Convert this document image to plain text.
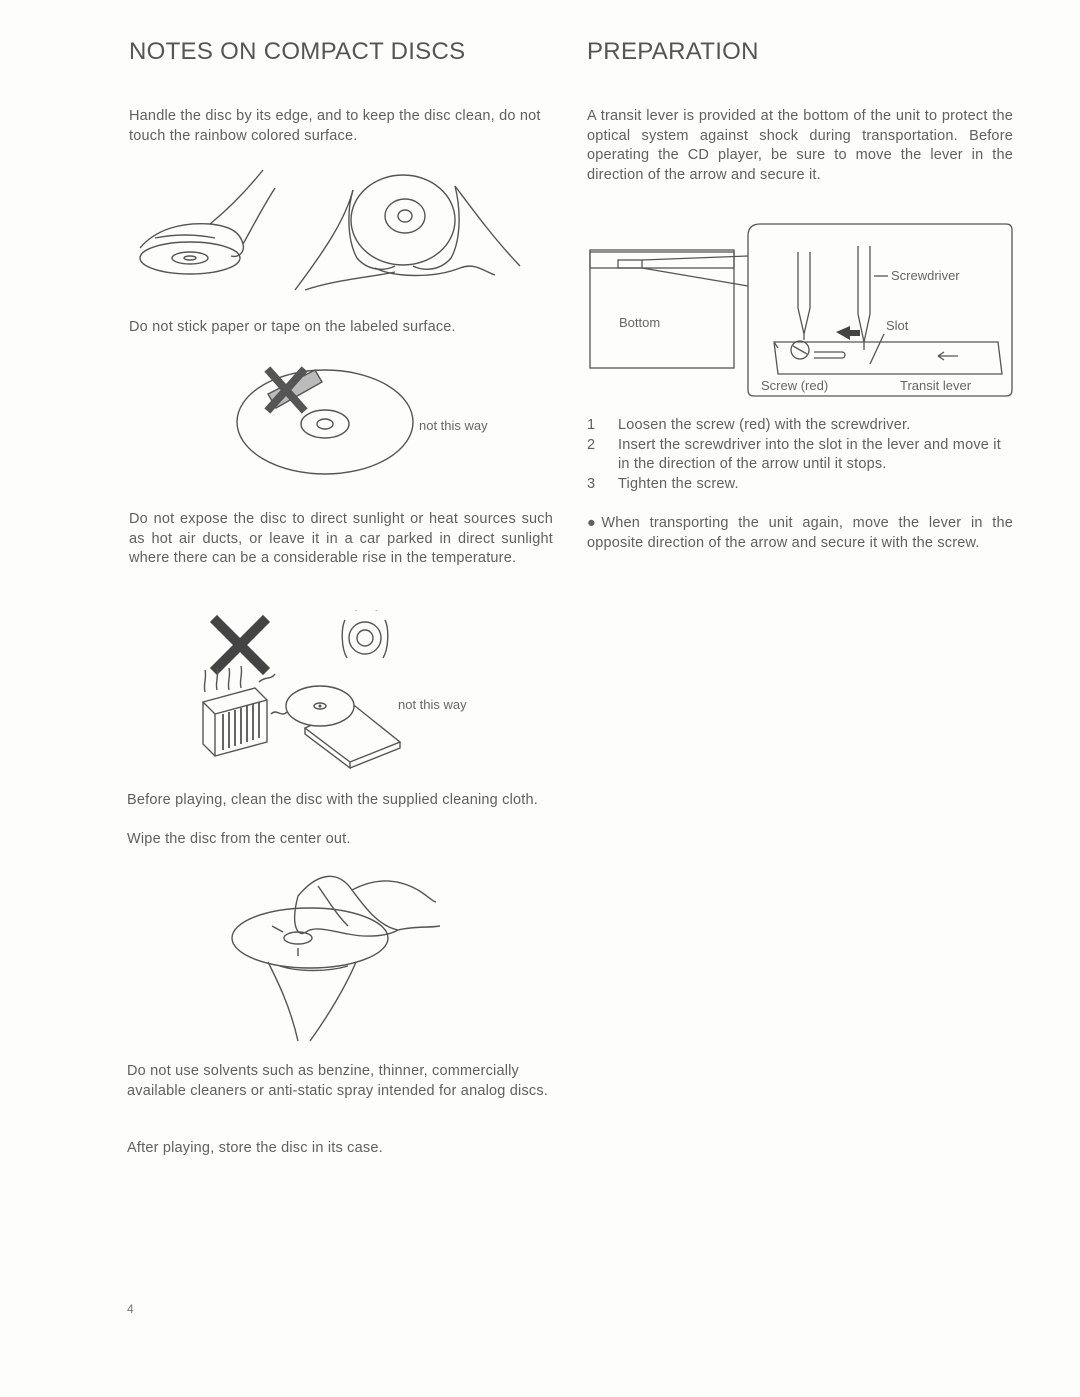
NOTES ON COMPACT DISCS

Handle the disc by its edge, and to keep the disc clean, do not touch the rainbow colored surface.

Do not stick paper or tape on the labeled surface.

not this way

Do not expose the disc to direct sunlight or heat sources such as hot air ducts, or leave it in a car parked in direct sunlight where there can be a considerable rise in the temperature.

not this way

Before playing, clean the disc with the supplied cleaning cloth.

Wipe the disc from the center out.

Do not use solvents such as benzine, thinner, commercially available cleaners or anti-static spray intended for analog discs.

After playing, store the disc in its case.

PREPARATION

A transit lever is provided at the bottom of the unit to protect the optical system against shock during transportation. Before operating the CD player, be sure to move the lever in the direction of the arrow and secure it.

Bottom
Screwdriver
Slot
Screw (red)	Transit lever
1 Loosen the screw (red) with the screwdriver.
2 Insert the screwdriver into the slot in the lever and move it in the direction of the arrow until it stops.
3 Tighten the screw.

●When transporting the unit again, move the lever in the opposite direction of the arrow and secure it with the screw.

4
